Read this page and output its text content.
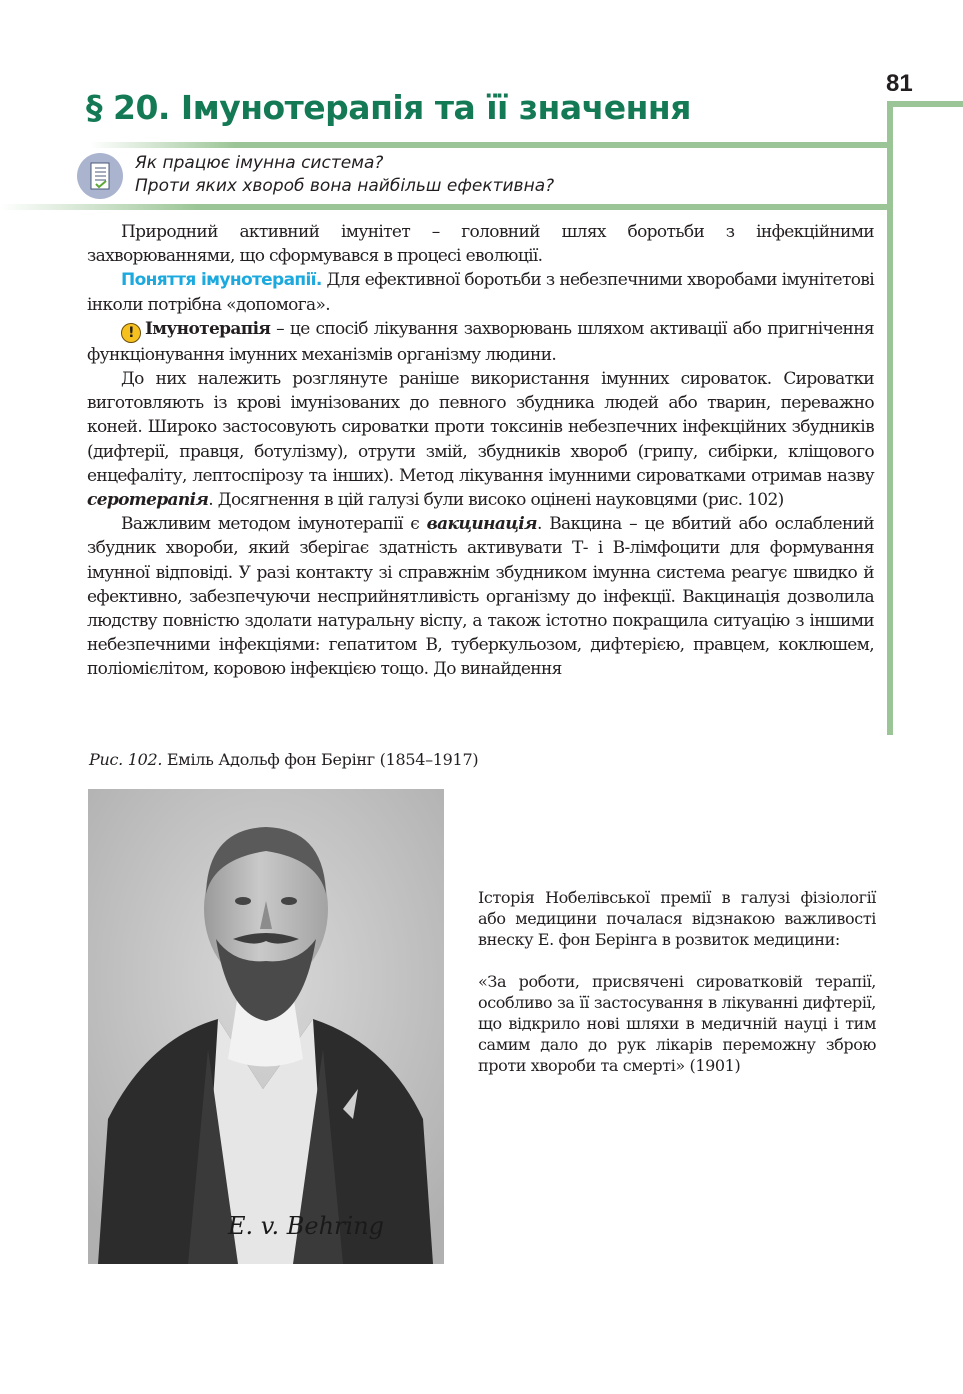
81
§ 20. Імунотерапія та її значення
Як працює імунна система?
Проти яких хвороб вона найбільш ефективна?

Природний активний імунітет – головний шлях боротьби з інфекційними захворюваннями, що сформувався в процесі еволюції.

Поняття імунотерапії. Для ефективної боротьби з небезпечними хворобами імунітетові інколи потрібна «допомога».

! Імунотерапія – це спосіб лікування захворювань шляхом активації або пригнічення функціонування імунних механізмів організму людини.

До них належить розглянуте раніше використання імунних сироваток. Сироватки виготовляють із крові імунізованих до певного збудника людей або тварин, переважно коней. Широко застосовують сироватки проти токсинів небезпечних інфекційних збудників (дифтерії, правця, ботулізму), отрути змій, збудників хвороб (грипу, сибірки, кліщового енцефаліту, лептоспірозу та інших). Метод лікування імунними сироватками отримав назву серотерапія. Досягнення в цій галузі були високо оцінені науковцями (рис. 102)

Важливим методом імунотерапії є вакцинація. Вакцина – це вбитий або ослаблений збудник хвороби, який зберігає здатність активувати Т- і В-лімфоцити для формування імунної відповіді. У разі контакту зі справжнім збудником імунна система реагує швидко й ефективно, забезпечуючи несприйнятливість організму до інфекції. Вакцинація дозволила людству повністю здолати натуральну віспу, а також істотно покращила ситуацію з іншими небезпечними інфекціями: гепатитом В, туберкульозом, дифтерією, правцем, коклюшем, поліомієлітом, коровою інфекцією тощо. До винайдення

Рис. 102. Еміль Адольф фон Берінг (1854–1917)
E. v. Behring

Історія Нобелівської премії в галузі фізіології або медицини почалася відзнакою важливості внеску Е. фон Берінга в розвиток медицини:

«За роботи, присвячені сироватковій терапії, особливо за її застосування в лікуванні дифтерії, що відкрило нові шляхи в медичній науці і тим самим дало до рук лікарів переможну зброю проти хвороби та смерті» (1901)
